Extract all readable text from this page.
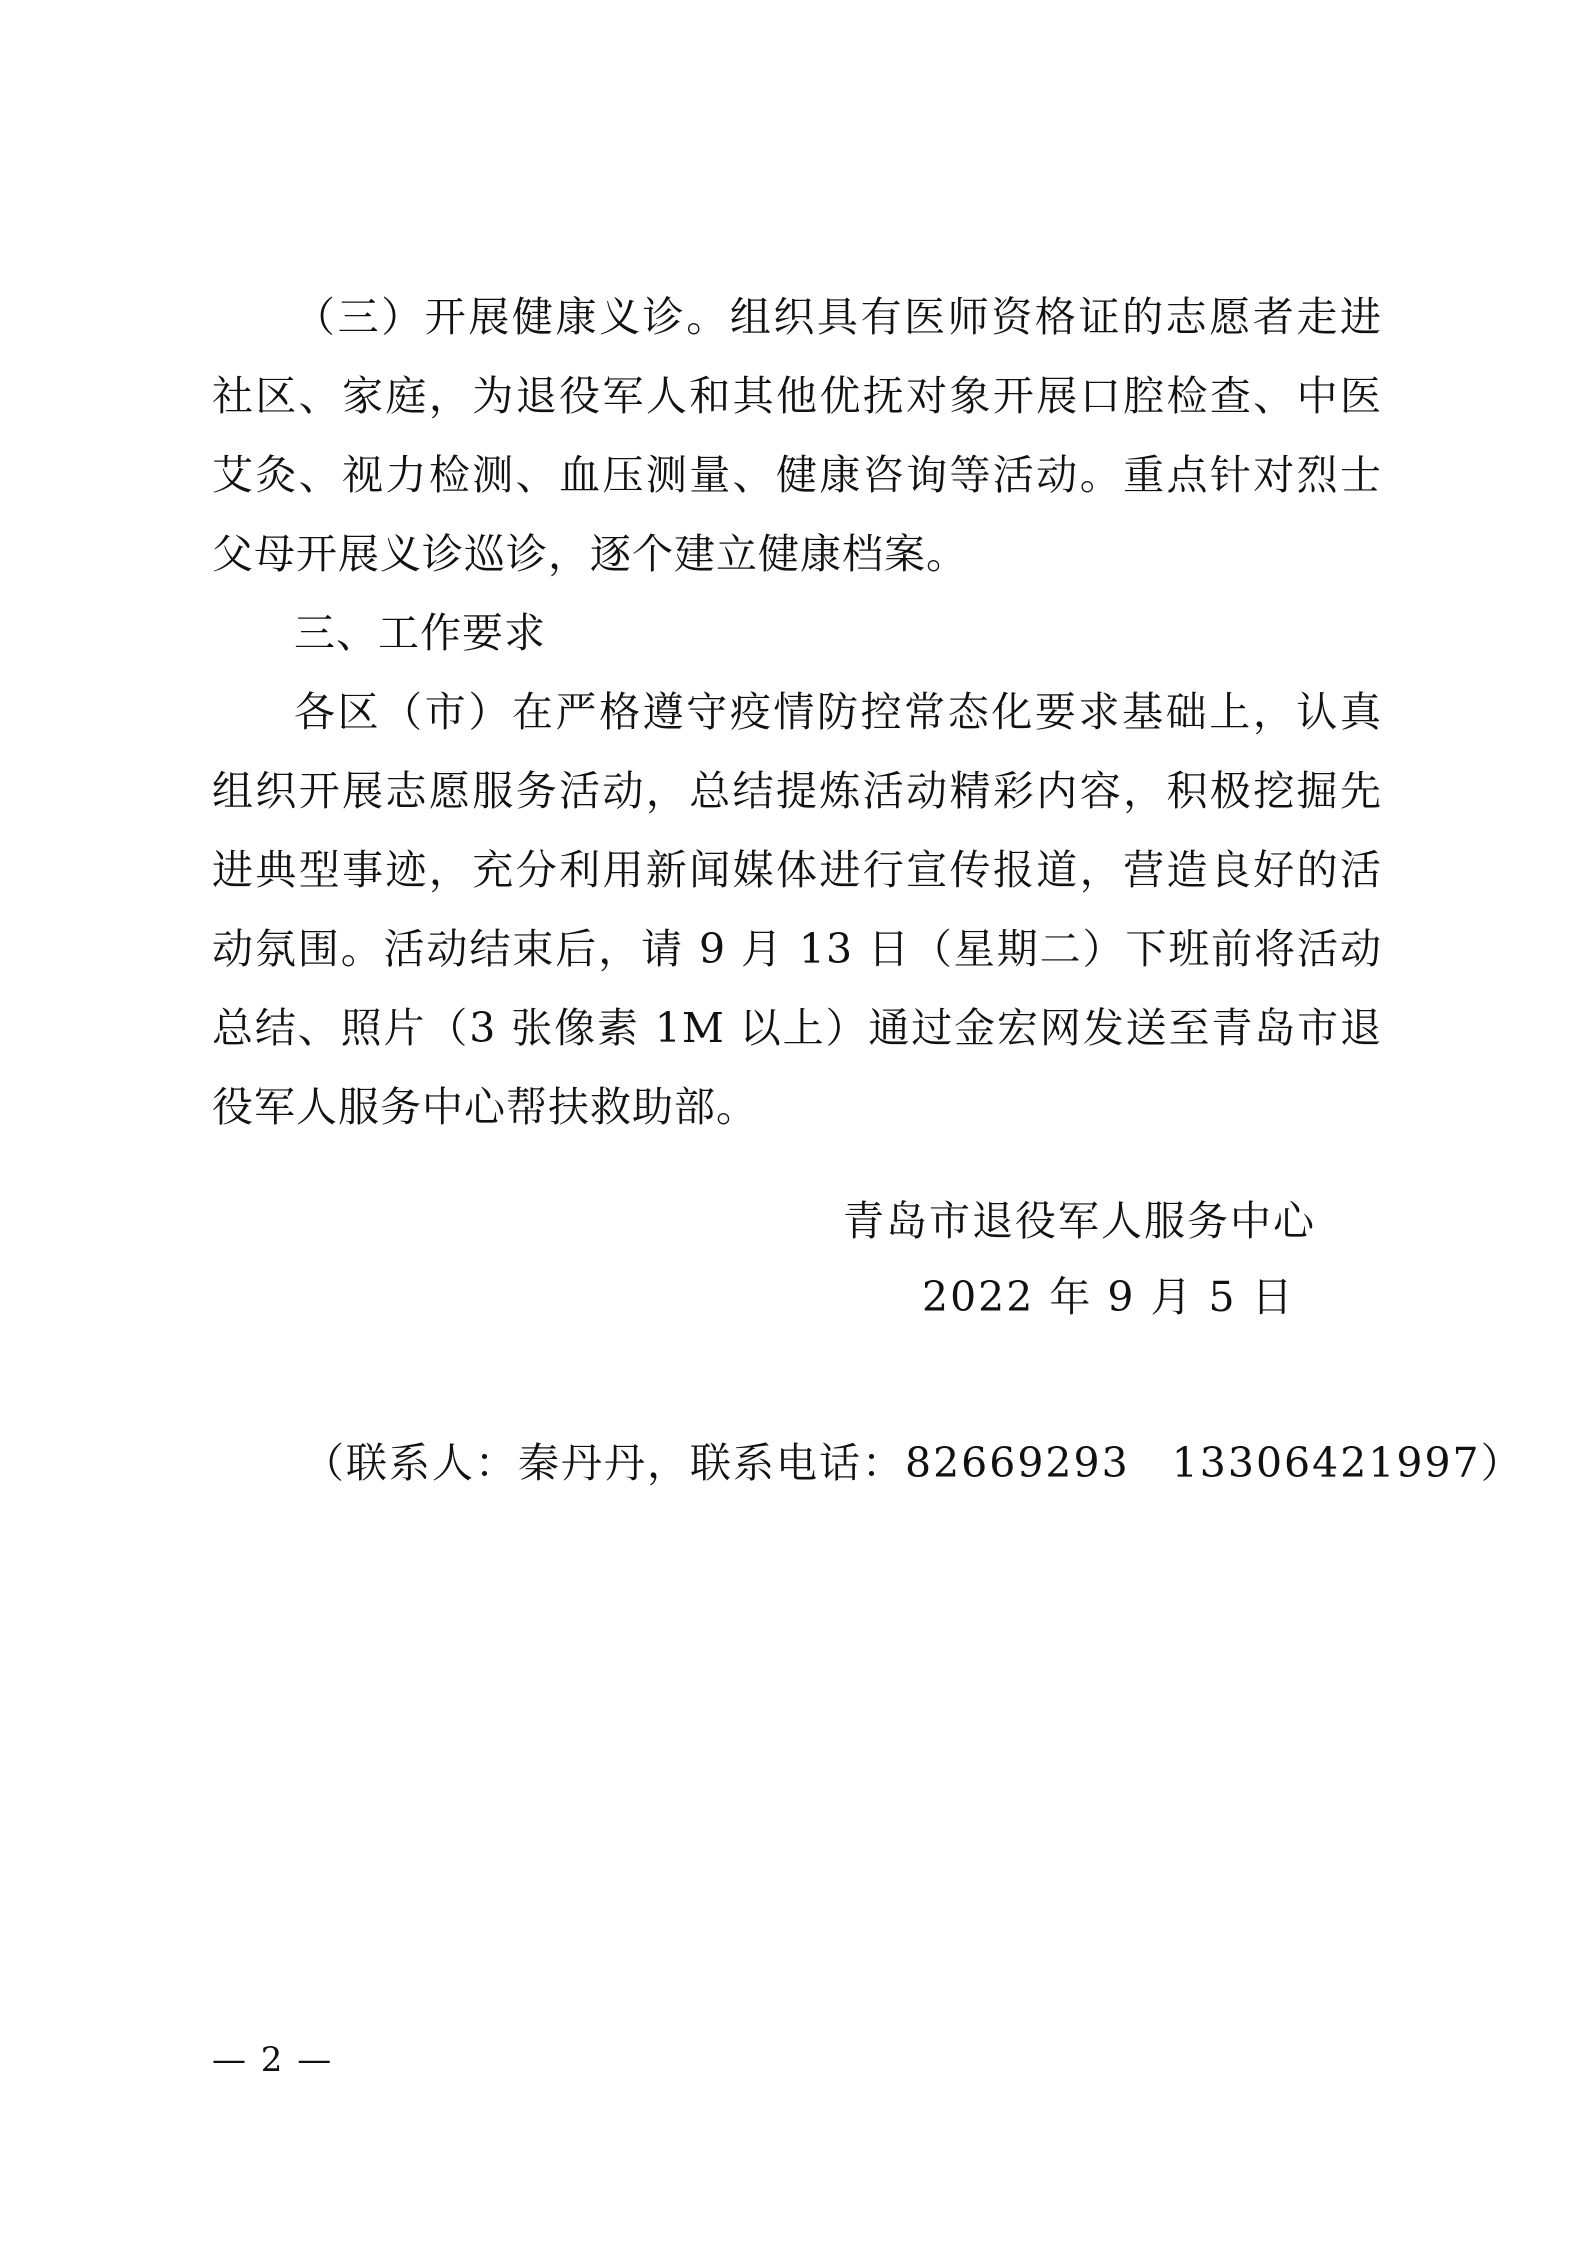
（三）开展健康义诊。组织具有医师资格证的志愿者走进社区、家庭，为退役军人和其他优抚对象开展口腔检查、中医艾灸、视力检测、血压测量、健康咨询等活动。重点针对烈士父母开展义诊巡诊，逐个建立健康档案。

三、工作要求

各区（市）在严格遵守疫情防控常态化要求基础上，认真组织开展志愿服务活动，总结提炼活动精彩内容，积极挖掘先进典型事迹，充分利用新闻媒体进行宣传报道，营造良好的活动氛围。活动结束后，请 9 月 13 日（星期二）下班前将活动总结、照片（3 张像素 1M 以上）通过金宏网发送至青岛市退役军人服务中心帮扶救助部。

青岛市退役军人服务中心
2022 年 9 月 5 日
（联系人：秦丹丹，联系电话：82669293 13306421997）
— 2 —
